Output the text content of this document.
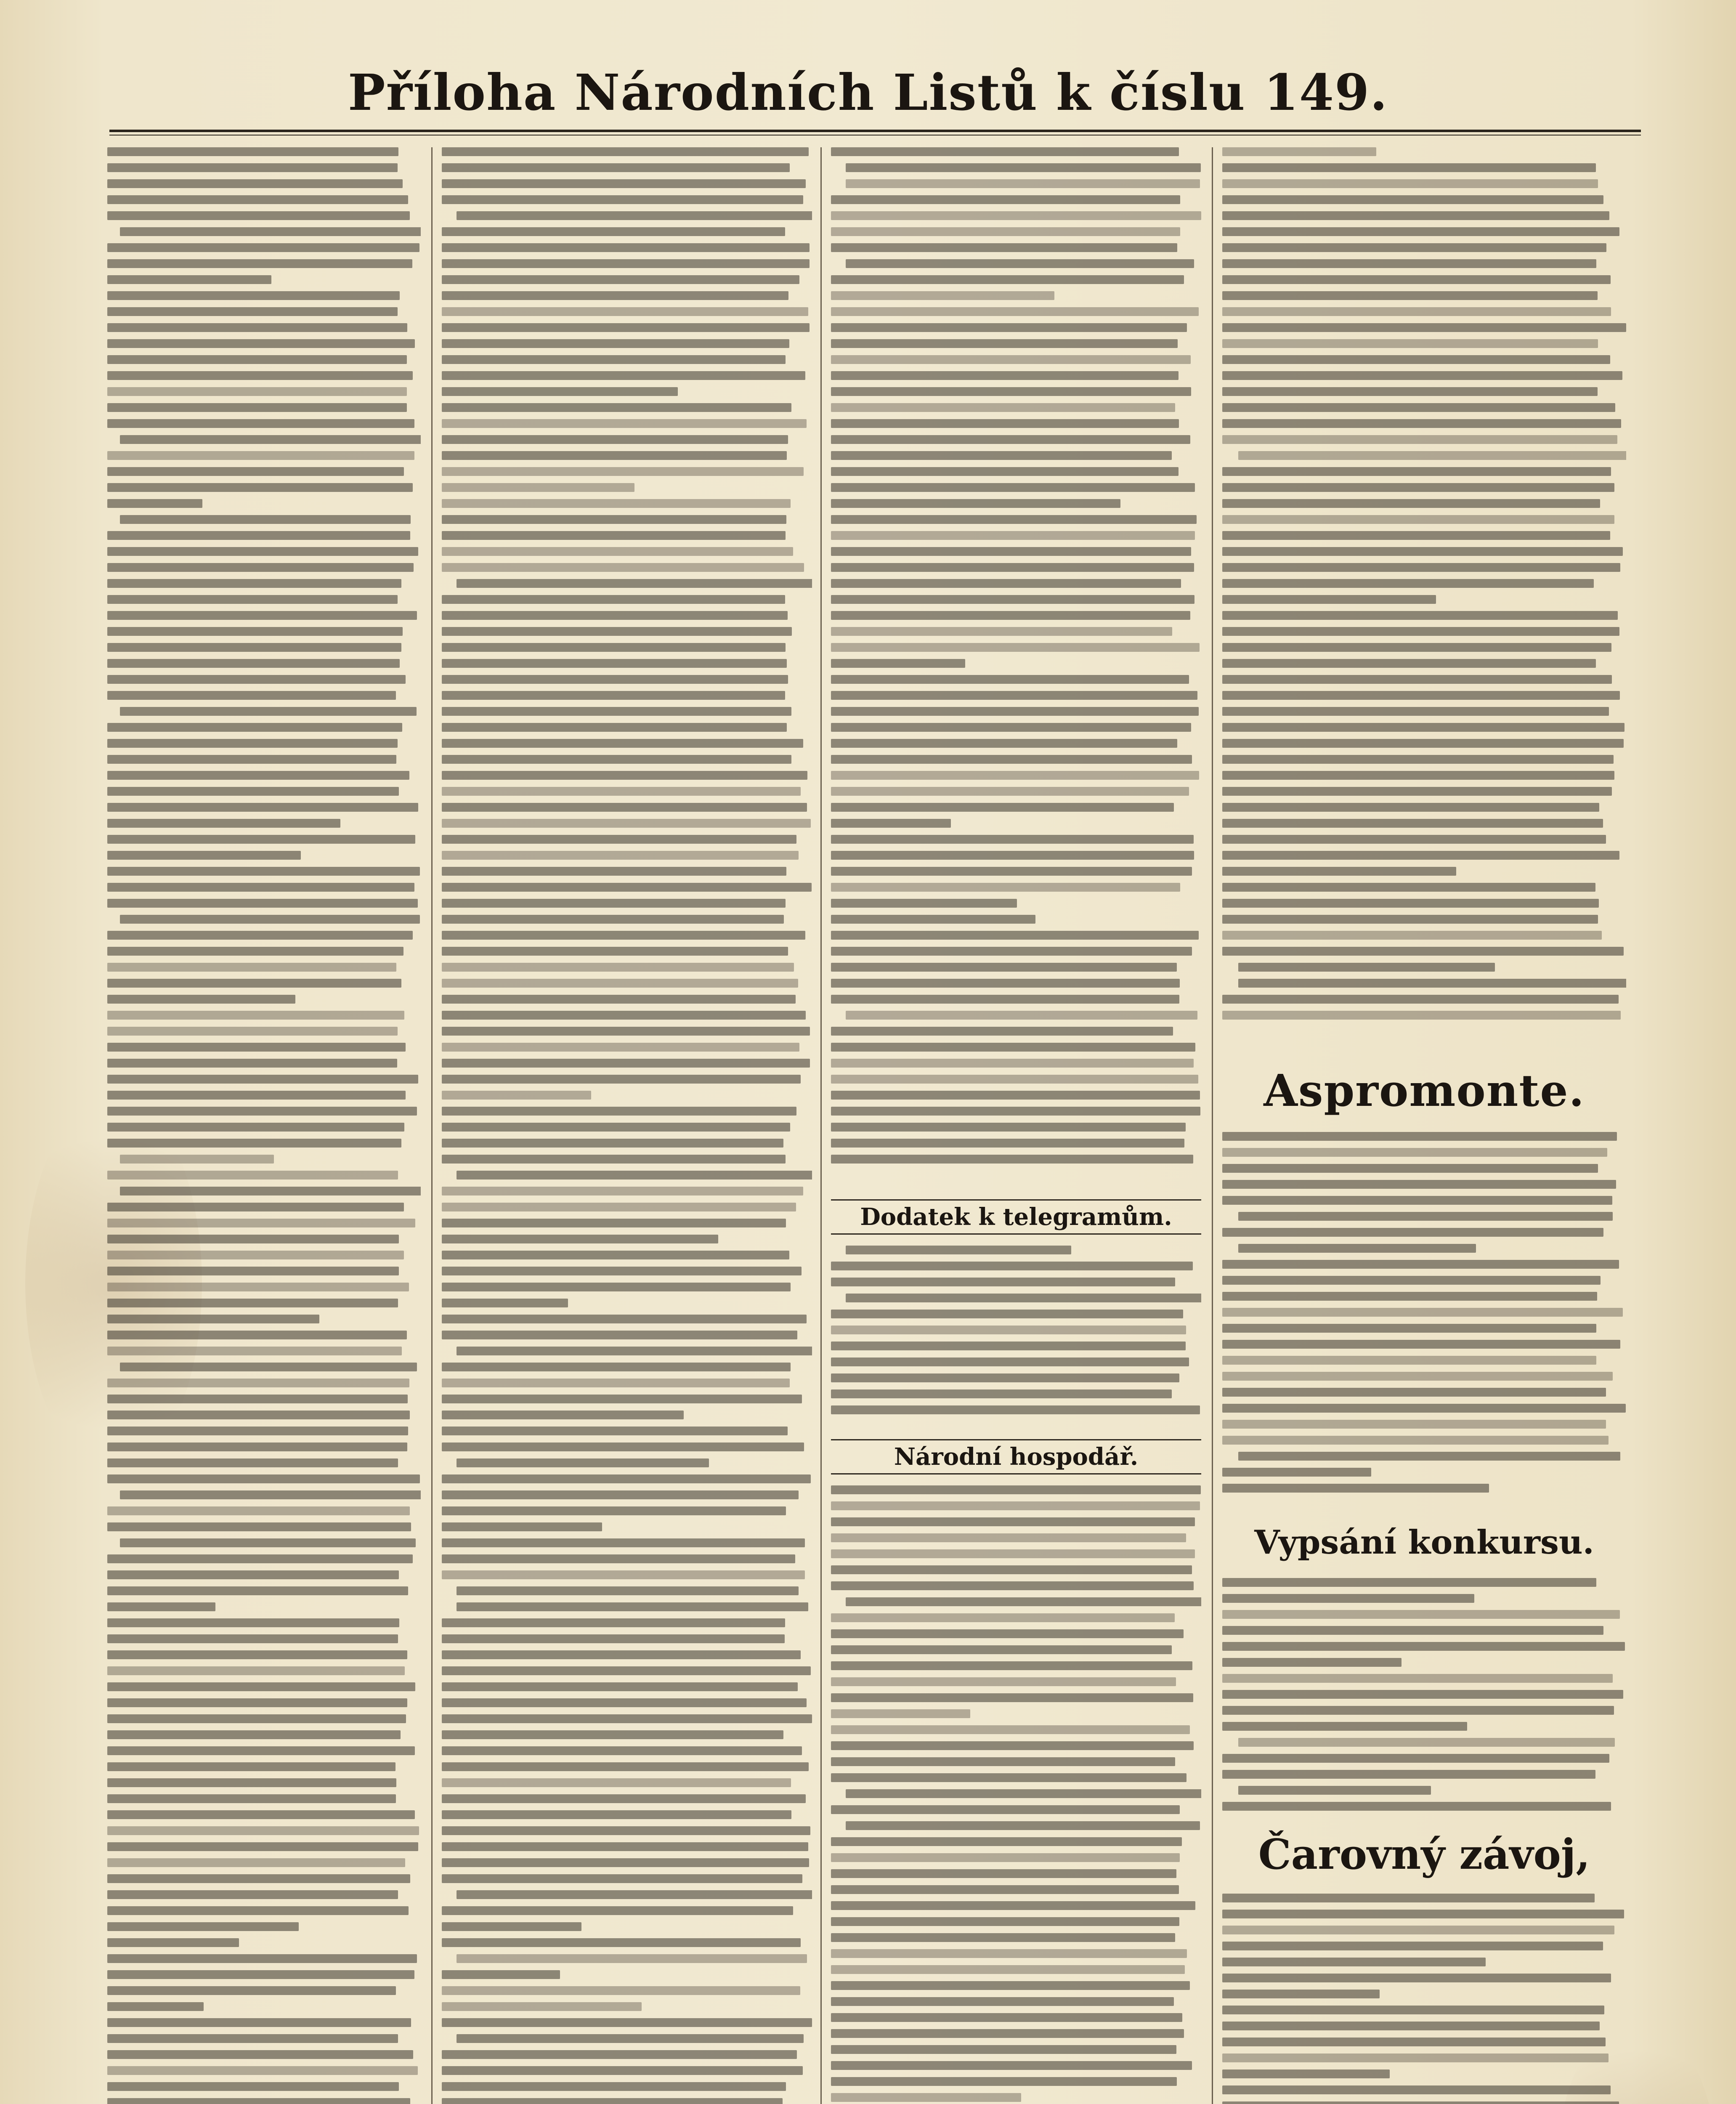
Příloha Národních Listů k číslu 149.
Dodatek k telegramům.
Národní hospodář.
Aspromonte.
Vypsání konkursu.
Čarovný závoj,
